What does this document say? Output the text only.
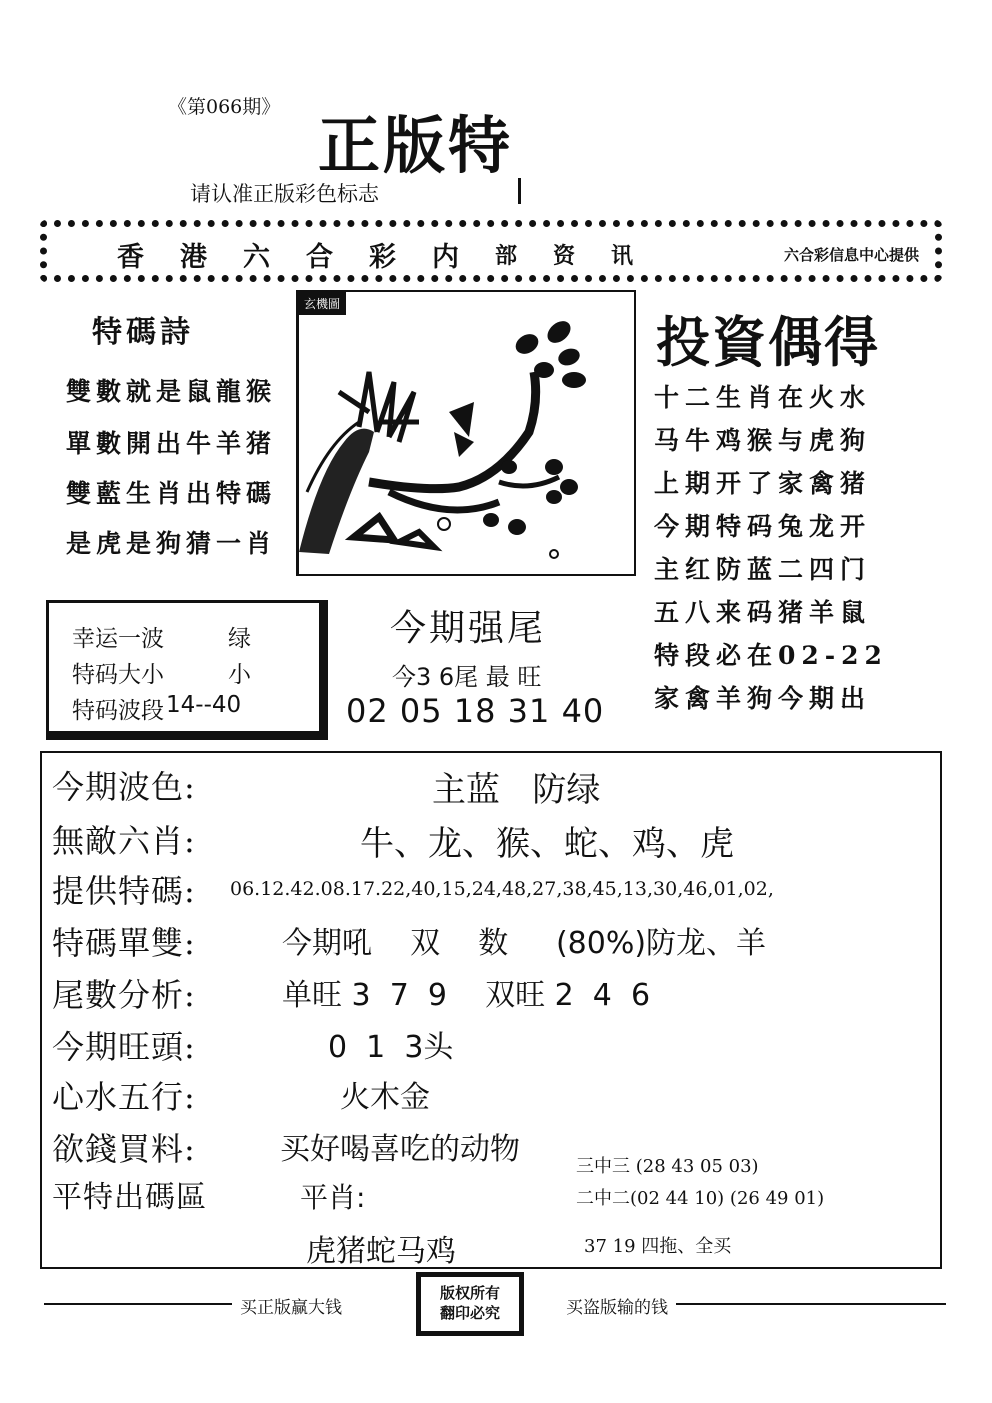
《第066期》
正版特
请认准正版彩色标志
香 港 六 合 彩 内 部 资 讯	六合彩信息中心提供
特碼詩
雙數就是鼠龍猴
單數開出牛羊猪
雙藍生肖出特碼
是虎是狗猜一肖
玄機圖
投資偶得
十二生肖在火水
马牛鸡猴与虎狗
上期开了家禽猪
今期特码兔龙开
主红防蓝二四门
五八来码猪羊鼠
特段必在02-22
家禽羊狗今期出
幸运一波	绿
特码大小	小
特码波段 14--40
今期强尾
今3 6尾 最 旺
02 05 18 31 40
今期波色:	主蓝   防绿
無敵六肖:	牛、龙、猴、蛇、鸡、虎
提供特碼: 06.12.42.08.17.22,40,15,24,48,27,38,45,13,30,46,01,02,
特碼單雙:	今期吼    双    数     (80%)防龙、羊
尾數分析:	单旺 3  7  9    双旺 2  4  6
今期旺頭:	0  1  3头
心水五行:	火木金
欲錢買料:	买好喝喜吃的动物
平特出碼區	平肖:
虎猪蛇马鸡
三中三 (28 43 05 03)
二中二(02 44 10) (26 49 01)
37 19 四拖、全买
买正版赢大钱
版权所有
翻印必究	买盗版输的钱
